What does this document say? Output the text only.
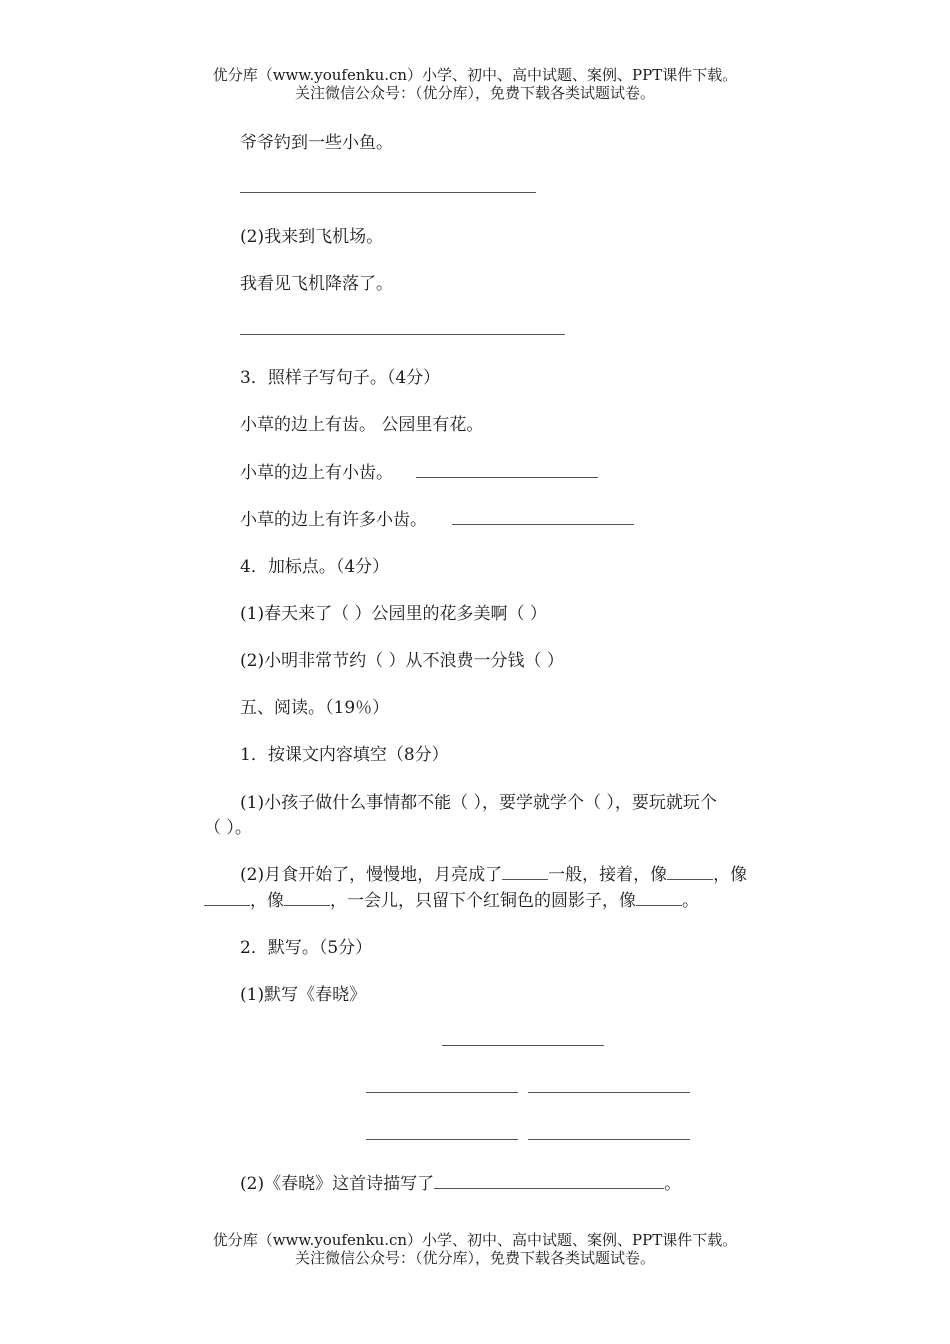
优分库（www.youfenku.cn）小学、初中、高中试题、案例、PPT课件下载。
关注微信公众号：（优分库），免费下载各类试题试卷。
爷爷钓到一些小鱼。
(2)我来到飞机场。
我看见飞机降落了。
3．照样子写句子。（4分）
小草的边上有齿。 公园里有花。
小草的边上有小齿。
小草的边上有许多小齿。
4．加标点。（4分）
(1)春天来了（ ）公园里的花多美啊（ ）
(2)小明非常节约（ ）从不浪费一分钱（ ）
五、阅读。（19％）
1．按课文内容填空（8分）
(1)小孩子做什么事情都不能（ ），要学就学个（ ），要玩就玩个
（ ）。
(2)月食开始了，慢慢地，月亮成了	一般，接着，像	，像
，像	，一会儿，只留下个红铜色的圆影子，像	。
2．默写。（5分）
(1)默写《春晓》
(2)《春晓》这首诗描写了	。
优分库（www.youfenku.cn）小学、初中、高中试题、案例、PPT课件下载。
关注微信公众号：（优分库），免费下载各类试题试卷。
